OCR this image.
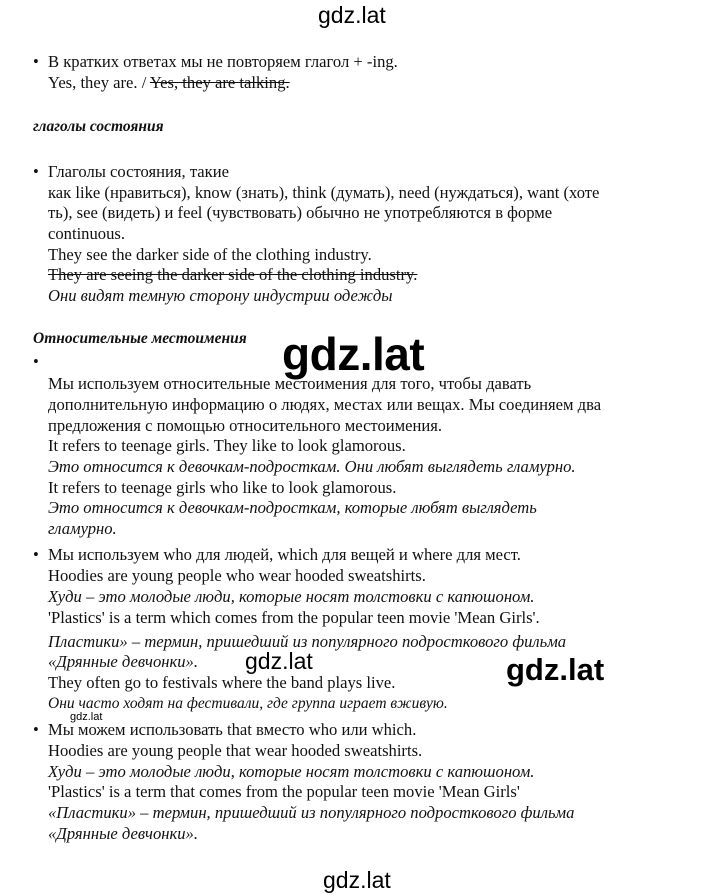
gdz.lat
gdz.lat
gdz.lat	gdz.lat
gdz.lat
gdz.lat
• В кратких ответах мы не повторяем глагол + -ing.
Yes, they are. / Yes, they are talking.
глаголы состояния
• Глаголы состояния, такие
как like (нравиться), know (знать), think (думать), need (нуждаться), want (хоте
ть), see (видеть) и feel (чувствовать) обычно не употребляются в форме
continuous.
They see the darker side of the clothing industry.
They are seeing the darker side of the clothing industry.
Они видят темную сторону индустрии одежды
Относительные местоимения
•
Мы используем относительные местоимения для того, чтобы давать
дополнительную информацию о людях, местах или вещах. Мы соединяем два
предложения с помощью относительного местоимения.
It refers to teenage girls. They like to look glamorous.
Это относится к девочкам-подросткам. Они любят выглядеть гламурно.
It refers to teenage girls who like to look glamorous.
Это относится к девочкам-подросткам, которые любят выглядеть
гламурно.
• Мы используем who для людей, which для вещей и where для мест.
Hoodies are young people who wear hooded sweatshirts.
Худи – это молодые люди, которые носят толстовки с капюшоном.
'Plastics' is a term which comes from the popular teen movie 'Mean Girls'.
Пластики» – термин, пришедший из популярного подросткового фильма
«Дрянные девчонки».
They often go to festivals where the band plays live.
Они часто ходят на фестивали, где группа играет вживую.
• Мы можем использовать that вместо who или which.
Hoodies are young people that wear hooded sweatshirts.
Худи – это молодые люди, которые носят толстовки с капюшоном.
'Plastics' is a term that comes from the popular teen movie 'Mean Girls'
«Пластики» – термин, пришедший из популярного подросткового фильма
«Дрянные девчонки».
